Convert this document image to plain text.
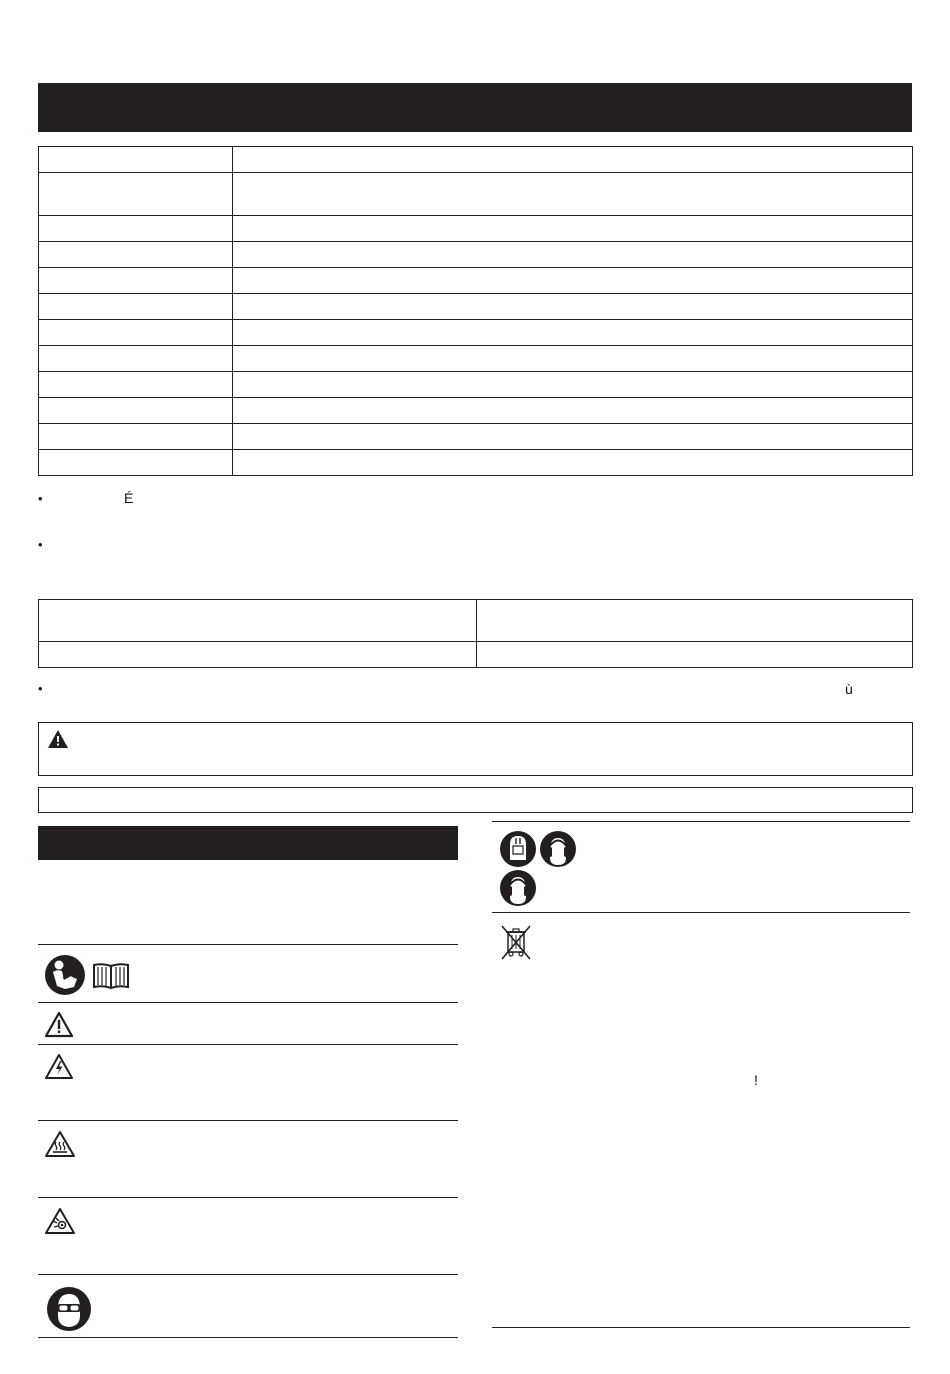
•	É
•

•	ù
!
